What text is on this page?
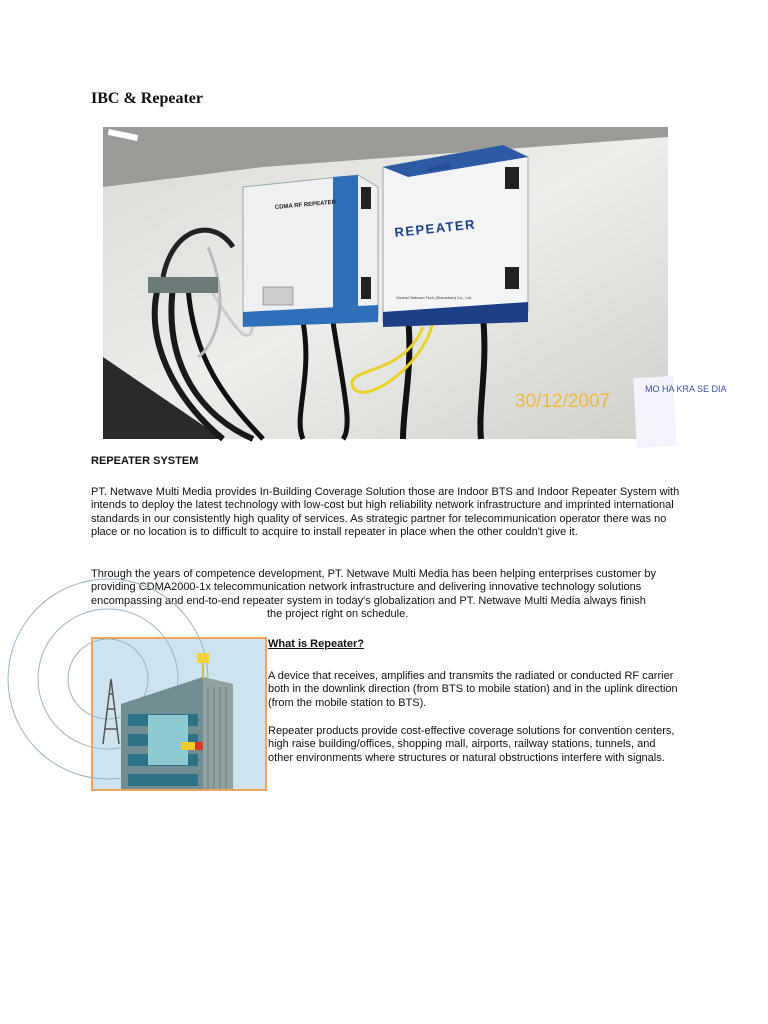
IBC & Repeater
CDMA RF REPEATER
GUANSI
REPEATER
Guansi Telecom Tech (Shenzhen) Co., Ltd.
MO HA KRA SE DIA
30/12/2007
REPEATER SYSTEM

PT. Netwave Multi Media provides In-Building Coverage Solution those are Indoor BTS and Indoor Repeater System with intends to deploy the latest technology with low-cost but high reliability network infrastructure and imprinted international standards in our consistently high quality of services. As strategic partner for telecommunication operator there was no place or no location is to difficult to acquire to install repeater in place when the other couldn't give it.

Through the years of competence development, PT. Netwave Multi Media has been helping enterprises customer by providing CDMA2000-1x telecommunication network infrastructure and delivering innovative technology solutions encompassing and end-to-end repeater system in today's globalization and PT. Netwave Multi Media always finish
the project right on schedule.

What is Repeater?

A device that receives, amplifies and transmits the radiated or conducted RF carrier both in the downlink direction (from BTS to mobile station) and in the uplink direction (from the mobile station to BTS).

Repeater products provide cost-effective coverage solutions for convention centers, high raise building/offices, shopping mall, airports, railway stations, tunnels, and other environments where structures or natural obstructions interfere with signals.
